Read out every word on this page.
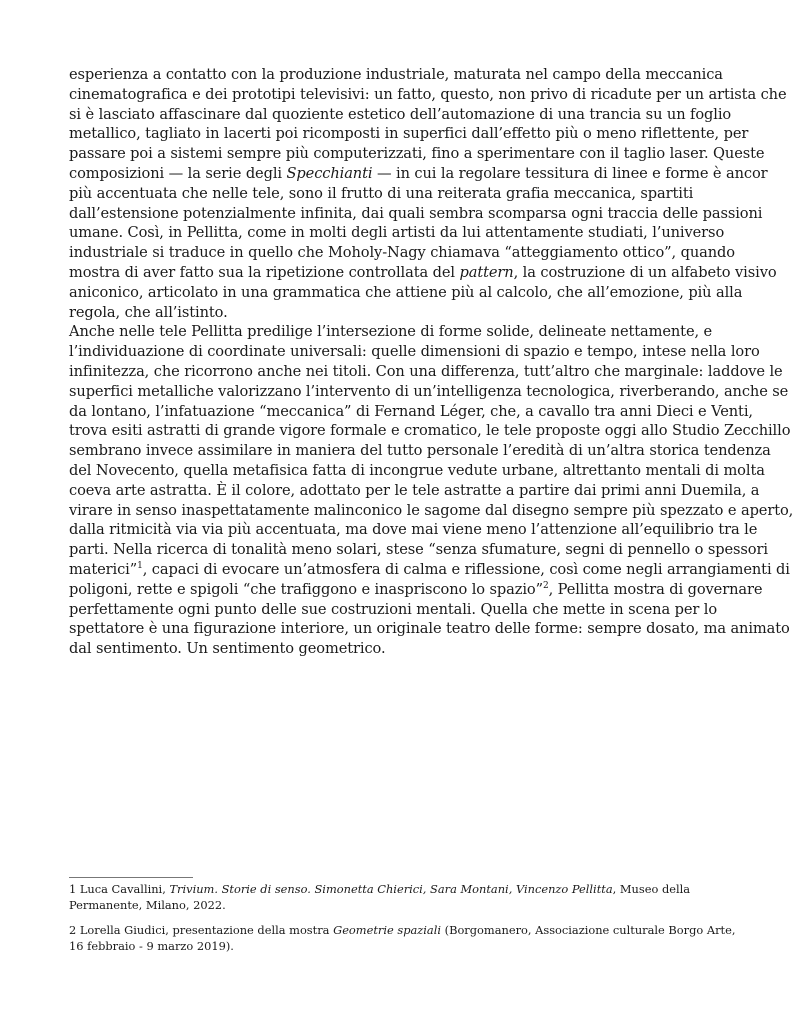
esperienza a contatto con la produzione industriale, maturata nel campo della meccanica
cinematografica e dei prototipi televisivi: un fatto, questo, non privo di ricadute per un artista che
si è lasciato affascinare dal quoziente estetico dell’automazione di una trancia su un foglio
metallico, tagliato in lacerti poi ricomposti in superfici dall’effetto più o meno riflettente, per
passare poi a sistemi sempre più computerizzati, fino a sperimentare con il taglio laser. Queste
composizioni — la serie degli Specchianti — in cui la regolare tessitura di linee e forme è ancor
più accentuata che nelle tele, sono il frutto di una reiterata grafia meccanica, spartiti
dall’estensione potenzialmente infinita, dai quali sembra scomparsa ogni traccia delle passioni
umane. Così, in Pellitta, come in molti degli artisti da lui attentamente studiati, l’universo
industriale si traduce in quello che Moholy-Nagy chiamava “atteggiamento ottico”, quando
mostra di aver fatto sua la ripetizione controllata del pattern, la costruzione di un alfabeto visivo
aniconico, articolato in una grammatica che attiene più al calcolo, che all’emozione, più alla
regola, che all’istinto.

Anche nelle tele Pellitta predilige l’intersezione di forme solide, delineate nettamente, e
l’individuazione di coordinate universali: quelle dimensioni di spazio e tempo, intese nella loro
infinitezza, che ricorrono anche nei titoli. Con una differenza, tutt’altro che marginale: laddove le
superfici metalliche valorizzano l’intervento di un’intelligenza tecnologica, riverberando, anche se
da lontano, l’infatuazione “meccanica” di Fernand Léger, che, a cavallo tra anni Dieci e Venti,
trova esiti astratti di grande vigore formale e cromatico, le tele proposte oggi allo Studio Zecchillo
sembrano invece assimilare in maniera del tutto personale l’eredità di un’altra storica tendenza
del Novecento, quella metafisica fatta di incongrue vedute urbane, altrettanto mentali di molta
coeva arte astratta. È il colore, adottato per le tele astratte a partire dai primi anni Duemila, a
virare in senso inaspettatamente malinconico le sagome dal disegno sempre più spezzato e aperto,
dalla ritmicità via via più accentuata, ma dove mai viene meno l’attenzione all’equilibrio tra le
parti. Nella ricerca di tonalità meno solari, stese “senza sfumature, segni di pennello o spessori
materici”$^1$, capaci di evocare un’atmosfera di calma e riflessione, così come negli arrangiamenti di
poligoni, rette e spigoli “che trafiggono e inaspriscono lo spazio”$^2$, Pellitta mostra di governare
perfettamente ogni punto delle sue costruzioni mentali. Quella che mette in scena per lo
spettatore è una figurazione interiore, un originale teatro delle forme: sempre dosato, ma animato
dal sentimento. Un sentimento geometrico.

1 Luca Cavallini, Trivium. Storie di senso. Simonetta Chierici, Sara Montani, Vincenzo Pellitta, Museo della
Permanente, Milano, 2022.
2 Lorella Giudici, presentazione della mostra Geometrie spaziali (Borgomanero, Associazione culturale Borgo Arte,
16 febbraio - 9 marzo 2019).
